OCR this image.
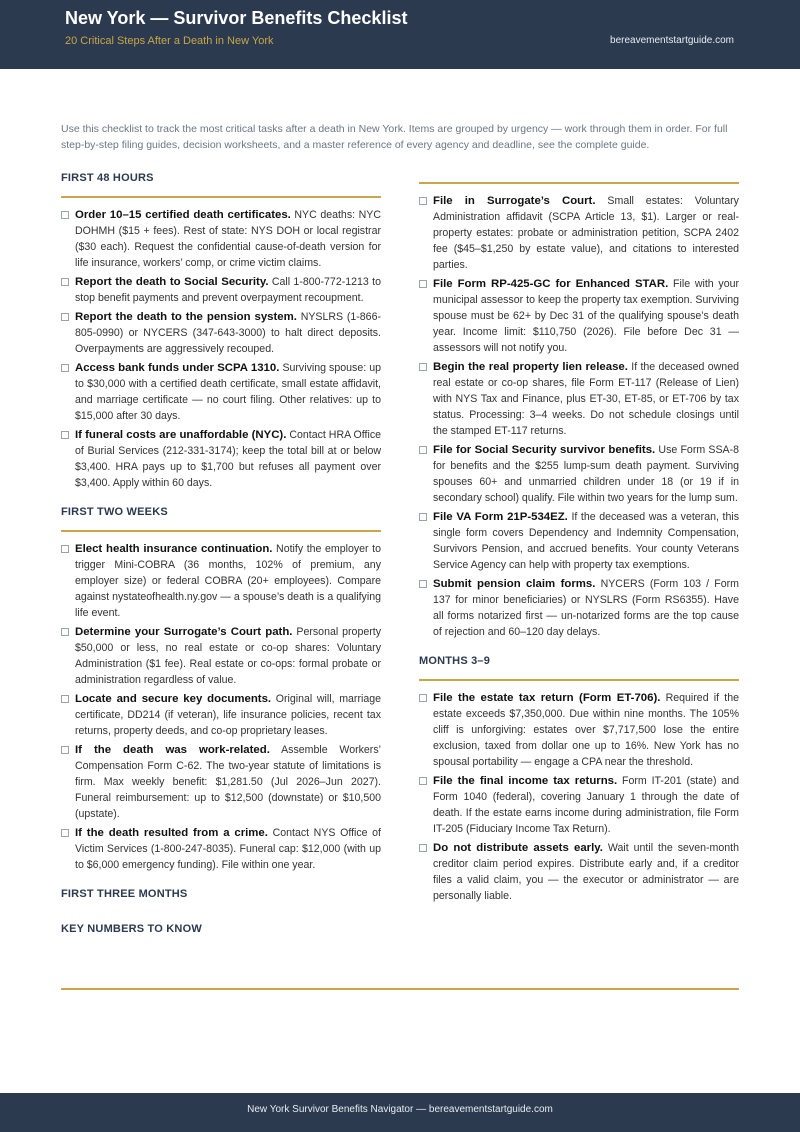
New York — Survivor Benefits Checklist
20 Critical Steps After a Death in New York	bereavementstartguide.com
Use this checklist to track the most critical tasks after a death in New York. Items are grouped by urgency — work through them in order. For full step-by-step filing guides, decision worksheets, and a master reference of every agency and deadline, see the complete guide.
FIRST 48 HOURS
Order 10–15 certified death certificates. NYC deaths: NYC DOHMH ($15 + fees). Rest of state: NYS DOH or local registrar ($30 each). Request the confidential cause-of-death version for life insurance, workers’ comp, or crime victim claims.
Report the death to Social Security. Call 1-800-772-1213 to stop benefit payments and prevent overpayment recoupment.
Report the death to the pension system. NYSLRS (1-866-805-0990) or NYCERS (347-643-3000) to halt direct deposits. Overpayments are aggressively recouped.
Access bank funds under SCPA 1310. Surviving spouse: up to $30,000 with a certified death certificate, small estate affidavit, and marriage certificate — no court filing. Other relatives: up to $15,000 after 30 days.
If funeral costs are unaffordable (NYC). Contact HRA Office of Burial Services (212-331-3174); keep the total bill at or below $3,400. HRA pays up to $1,700 but refuses all payment over $3,400. Apply within 60 days.
FIRST TWO WEEKS
Elect health insurance continuation. Notify the employer to trigger Mini-COBRA (36 months, 102% of premium, any employer size) or federal COBRA (20+ employees). Compare against nystateofhealth.ny.gov — a spouse’s death is a qualifying life event.
Determine your Surrogate’s Court path. Personal property $50,000 or less, no real estate or co-op shares: Voluntary Administration ($1 fee). Real estate or co-ops: formal probate or administration regardless of value.
Locate and secure key documents. Original will, marriage certificate, DD214 (if veteran), life insurance policies, recent tax returns, property deeds, and co-op proprietary leases.
If the death was work-related. Assemble Workers’ Compensation Form C-62. The two-year statute of limitations is firm. Max weekly benefit: $1,281.50 (Jul 2026–Jun 2027). Funeral reimbursement: up to $12,500 (downstate) or $10,500 (upstate).
If the death resulted from a crime. Contact NYS Office of Victim Services (1-800-247-8035). Funeral cap: $12,000 (with up to $6,000 emergency funding). File within one year.
FIRST THREE MONTHS
KEY NUMBERS TO KNOW
File in Surrogate’s Court. Small estates: Voluntary Administration affidavit (SCPA Article 13, $1). Larger or real-property estates: probate or administration petition, SCPA 2402 fee ($45–$1,250 by estate value), and citations to interested parties.
File Form RP-425-GC for Enhanced STAR. File with your municipal assessor to keep the property tax exemption. Surviving spouse must be 62+ by Dec 31 of the qualifying spouse’s death year. Income limit: $110,750 (2026). File before Dec 31 — assessors will not notify you.
Begin the real property lien release. If the deceased owned real estate or co-op shares, file Form ET-117 (Release of Lien) with NYS Tax and Finance, plus ET-30, ET-85, or ET-706 by tax status. Processing: 3–4 weeks. Do not schedule closings until the stamped ET-117 returns.
File for Social Security survivor benefits. Use Form SSA-8 for benefits and the $255 lump-sum death payment. Surviving spouses 60+ and unmarried children under 18 (or 19 if in secondary school) qualify. File within two years for the lump sum.
File VA Form 21P-534EZ. If the deceased was a veteran, this single form covers Dependency and Indemnity Compensation, Survivors Pension, and accrued benefits. Your county Veterans Service Agency can help with property tax exemptions.
Submit pension claim forms. NYCERS (Form 103 / Form 137 for minor beneficiaries) or NYSLRS (Form RS6355). Have all forms notarized first — un-notarized forms are the top cause of rejection and 60–120 day delays.
MONTHS 3–9
File the estate tax return (Form ET-706). Required if the estate exceeds $7,350,000. Due within nine months. The 105% cliff is unforgiving: estates over $7,717,500 lose the entire exclusion, taxed from dollar one up to 16%. New York has no spousal portability — engage a CPA near the threshold.
File the final income tax returns. Form IT-201 (state) and Form 1040 (federal), covering January 1 through the date of death. If the estate earns income during administration, file Form IT-205 (Fiduciary Income Tax Return).
Do not distribute assets early. Wait until the seven-month creditor claim period expires. Distribute early and, if a creditor files a valid claim, you — the executor or administrator — are personally liable.
New York Survivor Benefits Navigator — bereavementstartguide.com
